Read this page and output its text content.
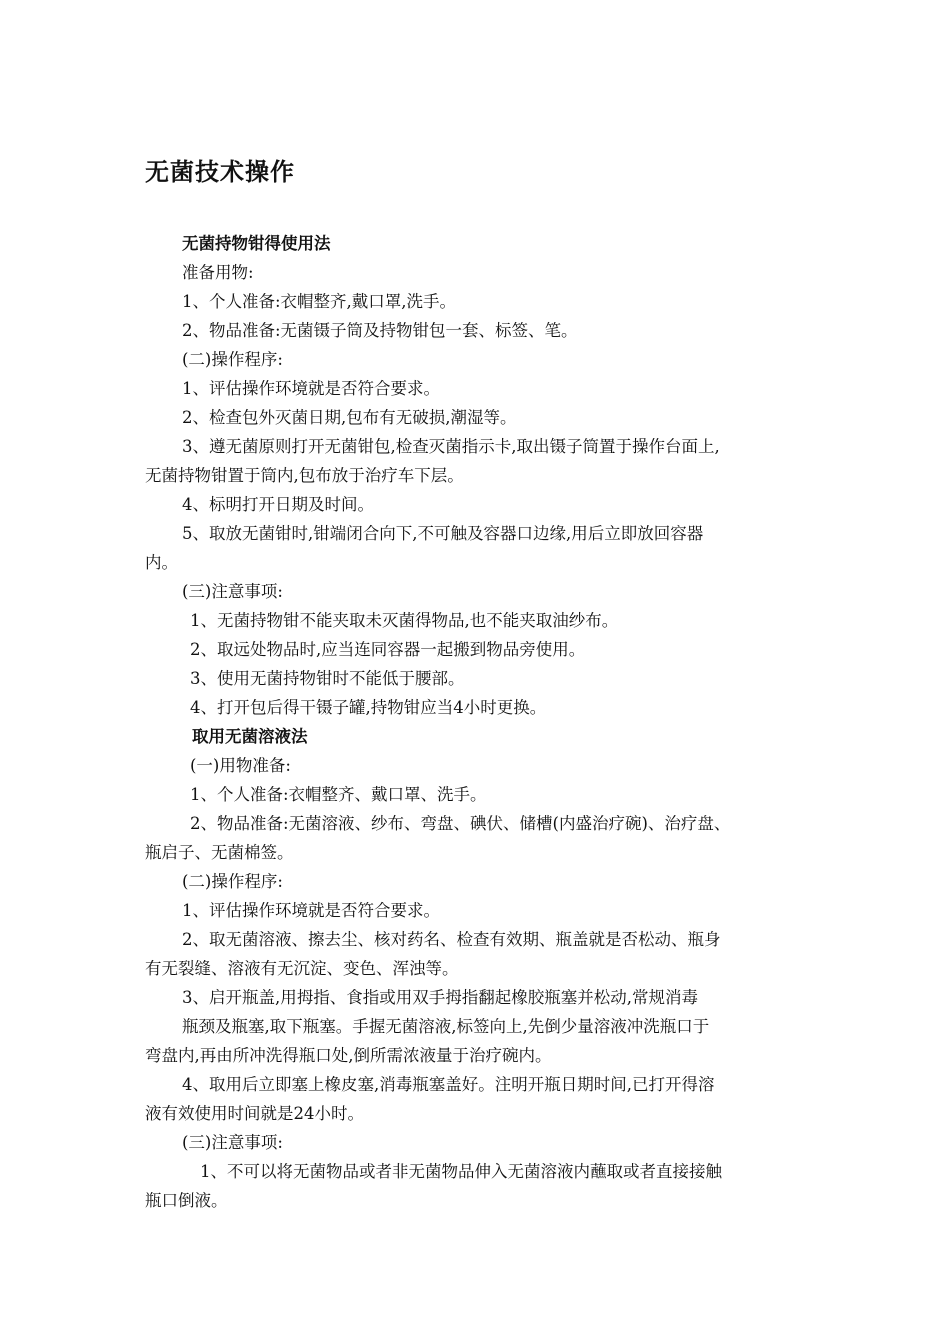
无菌技术操作

无菌持物钳得使用法

准备用物:

1、个人准备:衣帽整齐,戴口罩,洗手。

2、物品准备:无菌镊子筒及持物钳包一套、标签、笔。

(二)操作程序:

1、评估操作环境就是否符合要求。

2、检查包外灭菌日期,包布有无破损,潮湿等。

3、遵无菌原则打开无菌钳包,检查灭菌指示卡,取出镊子筒置于操作台面上,

无菌持物钳置于筒内,包布放于治疗车下层。

4、标明打开日期及时间。

5、取放无菌钳时,钳端闭合向下,不可触及容器口边缘,用后立即放回容器

内。

(三)注意事项:

1、无菌持物钳不能夹取未灭菌得物品,也不能夹取油纱布。

2、取远处物品时,应当连同容器一起搬到物品旁使用。

3、使用无菌持物钳时不能低于腰部。

4、打开包后得干镊子罐,持物钳应当4小时更换。

取用无菌溶液法

(一)用物准备:

1、个人准备:衣帽整齐、戴口罩、洗手。

2、物品准备:无菌溶液、纱布、弯盘、碘伏、储槽(内盛治疗碗)、治疗盘、

瓶启子、无菌棉签。

(二)操作程序:

1、评估操作环境就是否符合要求。

2、取无菌溶液、擦去尘、核对药名、检查有效期、瓶盖就是否松动、瓶身

有无裂缝、溶液有无沉淀、变色、浑浊等。

3、启开瓶盖,用拇指、食指或用双手拇指翻起橡胶瓶塞并松动,常规消毒

瓶颈及瓶塞,取下瓶塞。手握无菌溶液,标签向上,先倒少量溶液冲洗瓶口于

弯盘内,再由所冲洗得瓶口处,倒所需浓液量于治疗碗内。

4、取用后立即塞上橡皮塞,消毒瓶塞盖好。注明开瓶日期时间,已打开得溶

液有效使用时间就是24小时。

(三)注意事项:

1、不可以将无菌物品或者非无菌物品伸入无菌溶液内蘸取或者直接接触

瓶口倒液。
